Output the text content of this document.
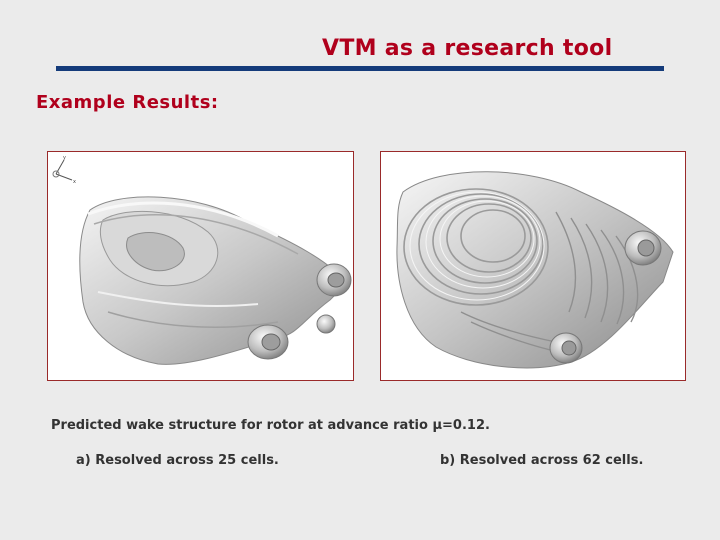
VTM as a research tool
Example Results:
y
x
Predicted wake structure for rotor at advance ratio μ=0.12.
a) Resolved across 25 cells.	b) Resolved across 62 cells.
